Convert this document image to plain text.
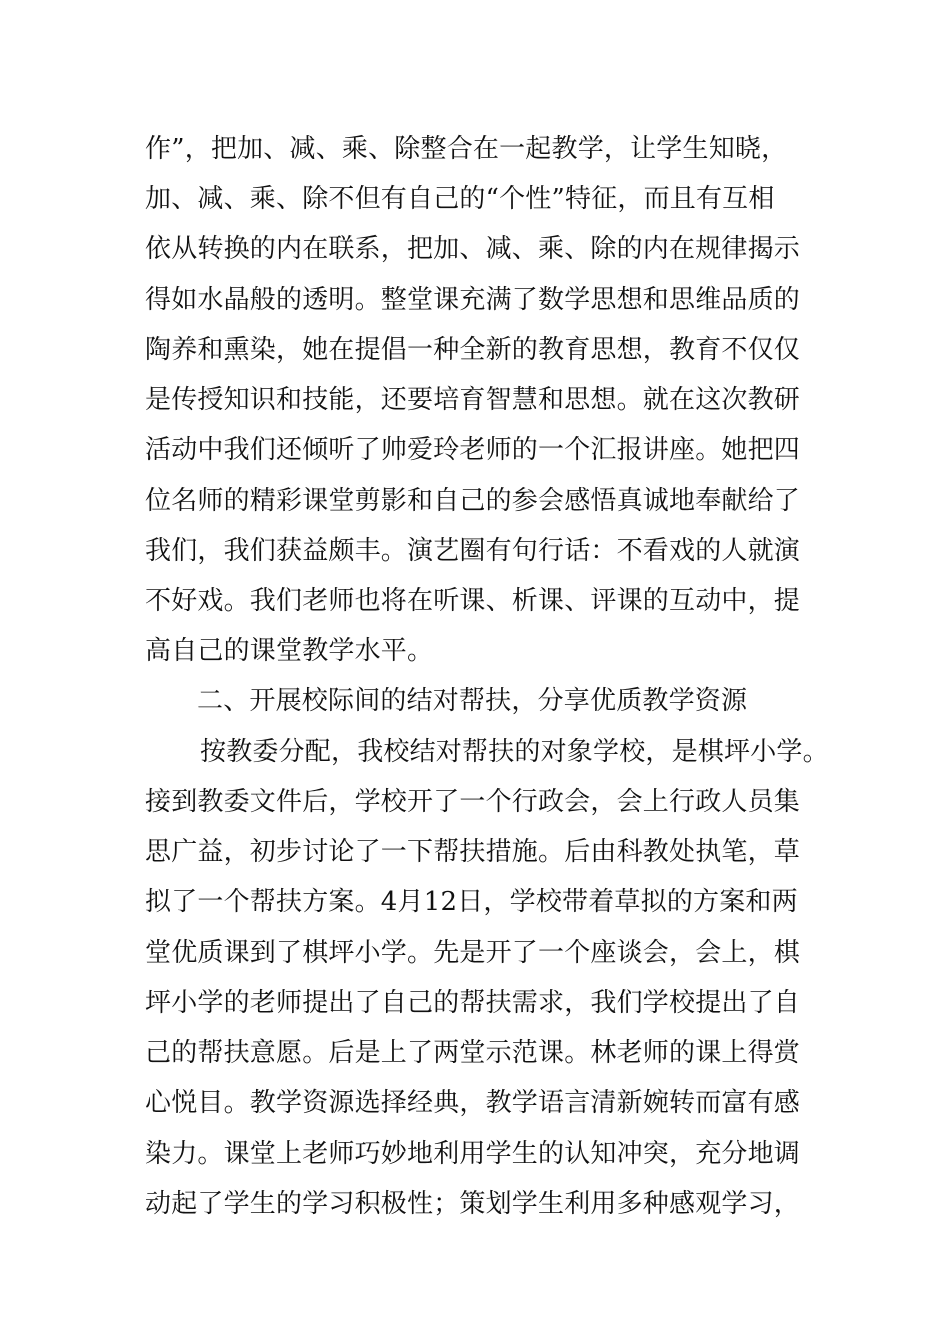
作”，把加、减、乘、除整合在一起教学，让学生知晓，
加、减、乘、除不但有自己的“个性”特征，而且有互相
依从转换的内在联系，把加、减、乘、除的内在规律揭示
得如水晶般的透明。整堂课充满了数学思想和思维品质的
陶养和熏染，她在提倡一种全新的教育思想，教育不仅仅
是传授知识和技能，还要培育智慧和思想。就在这次教研
活动中我们还倾听了帅爱玲老师的一个汇报讲座。她把四
位名师的精彩课堂剪影和自己的参会感悟真诚地奉献给了
我们，我们获益颇丰。演艺圈有句行话：不看戏的人就演
不好戏。我们老师也将在听课、析课、评课的互动中，提
高自己的课堂教学水平。
二、开展校际间的结对帮扶，分享优质教学资源
按教委分配，我校结对帮扶的对象学校，是棋坪小学。
接到教委文件后，学校开了一个行政会，会上行政人员集
思广益，初步讨论了一下帮扶措施。后由科教处执笔，草
拟了一个帮扶方案。4月12日，学校带着草拟的方案和两
堂优质课到了棋坪小学。先是开了一个座谈会，会上，棋
坪小学的老师提出了自己的帮扶需求，我们学校提出了自
己的帮扶意愿。后是上了两堂示范课。林老师的课上得赏
心悦目。教学资源选择经典，教学语言清新婉转而富有感
染力。课堂上老师巧妙地利用学生的认知冲突，充分地调
动起了学生的学习积极性；策划学生利用多种感观学习，
